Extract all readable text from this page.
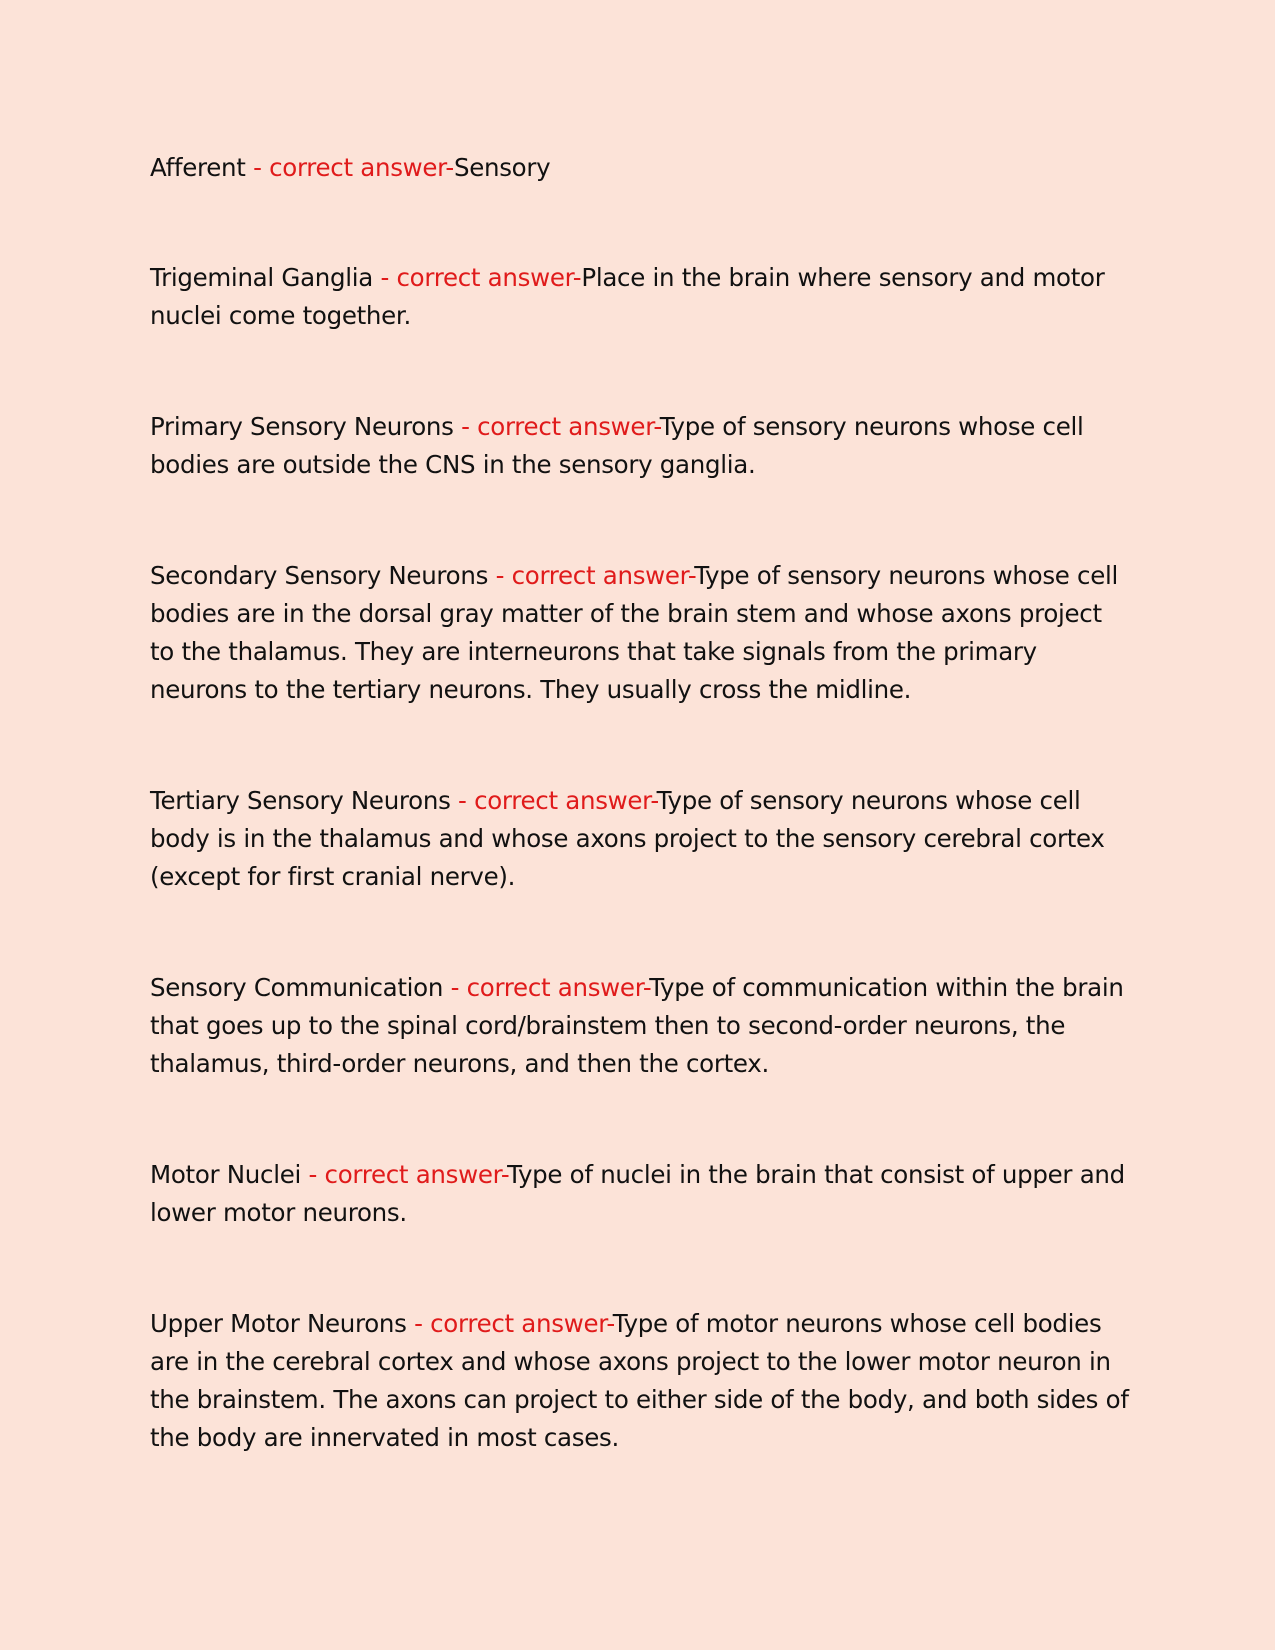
Afferent - correct answer-Sensory

Trigeminal Ganglia - correct answer-Place in the brain where sensory and motor nuclei come together.

Primary Sensory Neurons - correct answer-Type of sensory neurons whose cell bodies are outside the CNS in the sensory ganglia.

Secondary Sensory Neurons - correct answer-Type of sensory neurons whose cell bodies are in the dorsal gray matter of the brain stem and whose axons project to the thalamus. They are interneurons that take signals from the primary neurons to the tertiary neurons. They usually cross the midline.

Tertiary Sensory Neurons - correct answer-Type of sensory neurons whose cell body is in the thalamus and whose axons project to the sensory cerebral cortex (except for first cranial nerve).

Sensory Communication - correct answer-Type of communication within the brain that goes up to the spinal cord/brainstem then to second-order neurons, the thalamus, third-order neurons, and then the cortex.

Motor Nuclei - correct answer-Type of nuclei in the brain that consist of upper and lower motor neurons.

Upper Motor Neurons - correct answer-Type of motor neurons whose cell bodies are in the cerebral cortex and whose axons project to the lower motor neuron in the brainstem. The axons can project to either side of the body, and both sides of the body are innervated in most cases.
